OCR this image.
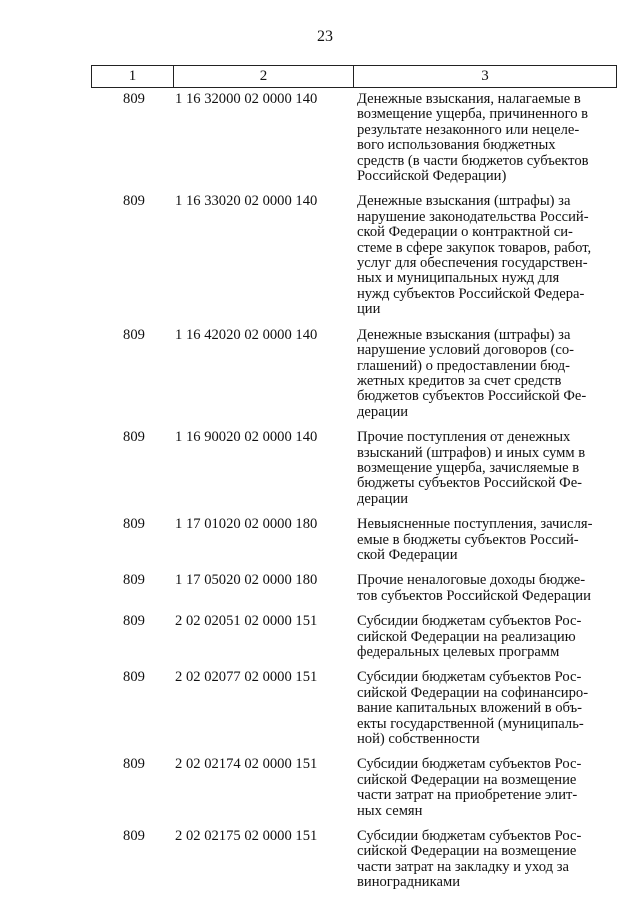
23
1	2	3
809	1 16 32000 02 0000 140	Денежные взыскания, налагаемые в
возмещение ущерба, причиненного в
результате незаконного или нецеле-
вого использования бюджетных
средств (в части бюджетов субъектов
Российской Федерации)
809	1 16 33020 02 0000 140	Денежные взыскания (штрафы) за
нарушение законодательства Россий-
ской Федерации о контрактной си-
стеме в сфере закупок товаров, работ,
услуг для обеспечения государствен-
ных и муниципальных нужд для
нужд субъектов Российской Федера-
ции
809	1 16 42020 02 0000 140	Денежные взыскания (штрафы) за
нарушение условий договоров (со-
глашений) о предоставлении бюд-
жетных кредитов за счет средств
бюджетов субъектов Российской Фе-
дерации
809	1 16 90020 02 0000 140	Прочие поступления от денежных
взысканий (штрафов) и иных сумм в
возмещение ущерба, зачисляемые в
бюджеты субъектов Российской Фе-
дерации
809	1 17 01020 02 0000 180	Невыясненные поступления, зачисля-
емые в бюджеты субъектов Россий-
ской Федерации
809	1 17 05020 02 0000 180	Прочие неналоговые доходы бюдже-
тов субъектов Российской Федерации
809	2 02 02051 02 0000 151	Субсидии бюджетам субъектов Рос-
сийской Федерации на реализацию
федеральных целевых программ
809	2 02 02077 02 0000 151	Субсидии бюджетам субъектов Рос-
сийской Федерации на софинансиро-
вание капитальных вложений в объ-
екты государственной (муниципаль-
ной) собственности
809	2 02 02174 02 0000 151	Субсидии бюджетам субъектов Рос-
сийской Федерации на возмещение
части затрат на приобретение элит-
ных семян
809	2 02 02175 02 0000 151	Субсидии бюджетам субъектов Рос-
сийской Федерации на возмещение
части затрат на закладку и уход за
виноградниками
